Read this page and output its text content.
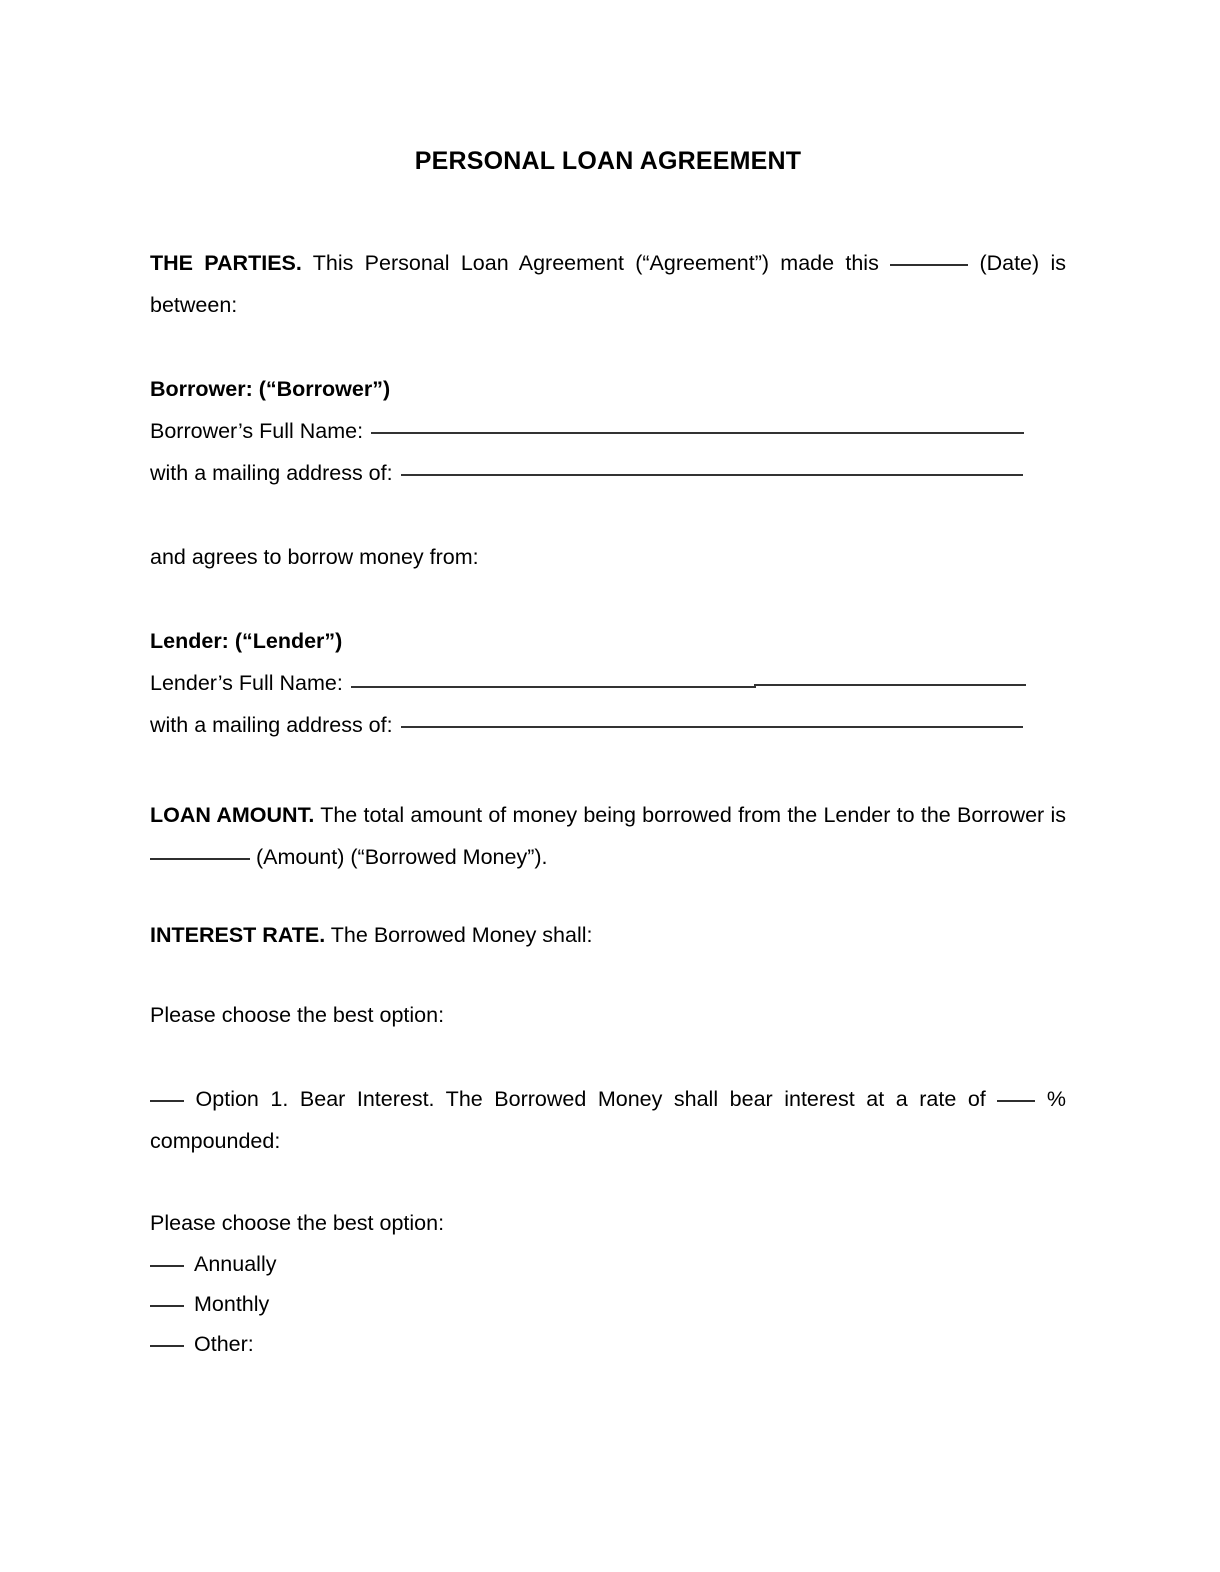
PERSONAL LOAN AGREEMENT

THE PARTIES. This Personal Loan Agreement (“Agreement”) made this	(Date) is between:

Borrower: (“Borrower”)

Borrower’s Full Name:
with a mailing address of:

and agrees to borrow money from:

Lender: (“Lender”)

Lender’s Full Name:
with a mailing address of:

LOAN AMOUNT. The total amount of money being borrowed from the Lender to the Borrower is  (Amount) (“Borrowed Money”).

INTEREST RATE. The Borrowed Money shall:

Please choose the best option:

Option 1. Bear Interest. The Borrowed Money shall bear interest at a rate of	% compounded:

Please choose the best option:

Annually
Monthly
Other:
